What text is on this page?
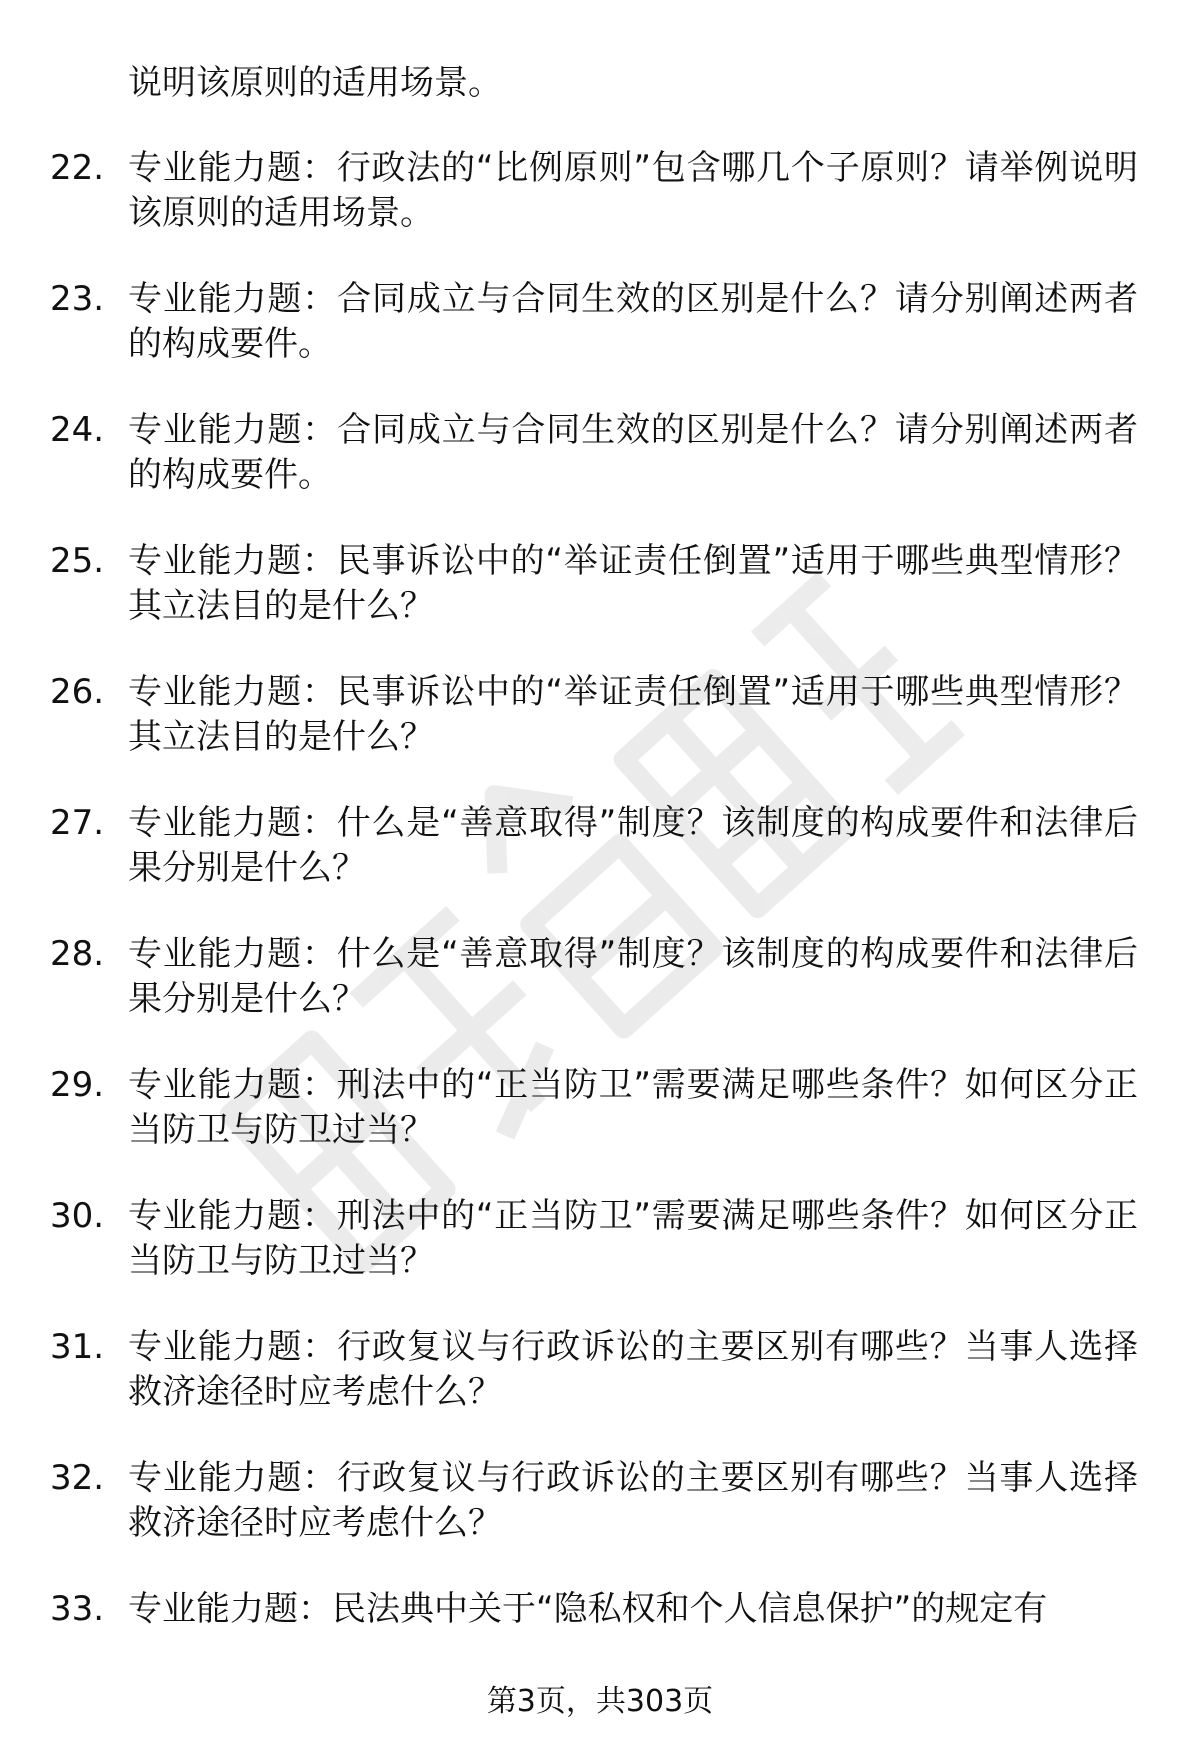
说明该原则的适用场景。
22. 专业能力题：行政法的“比例原则”包含哪几个子原则？请举例说明该原则的适用场景。
23. 专业能力题：合同成立与合同生效的区别是什么？请分别阐述两者的构成要件。
24. 专业能力题：合同成立与合同生效的区别是什么？请分别阐述两者的构成要件。
25. 专业能力题：民事诉讼中的“举证责任倒置”适用于哪些典型情形？其立法目的是什么？
26. 专业能力题：民事诉讼中的“举证责任倒置”适用于哪些典型情形？其立法目的是什么？
27. 专业能力题：什么是“善意取得”制度？该制度的构成要件和法律后果分别是什么？
28. 专业能力题：什么是“善意取得”制度？该制度的构成要件和法律后果分别是什么？
29. 专业能力题：刑法中的“正当防卫”需要满足哪些条件？如何区分正当防卫与防卫过当？
30. 专业能力题：刑法中的“正当防卫”需要满足哪些条件？如何区分正当防卫与防卫过当？
31. 专业能力题：行政复议与行政诉讼的主要区别有哪些？当事人选择救济途径时应考虑什么？
32. 专业能力题：行政复议与行政诉讼的主要区别有哪些？当事人选择救济途径时应考虑什么？
33. 专业能力题：民法典中关于“隐私权和个人信息保护”的规定有
第3页，共303页
